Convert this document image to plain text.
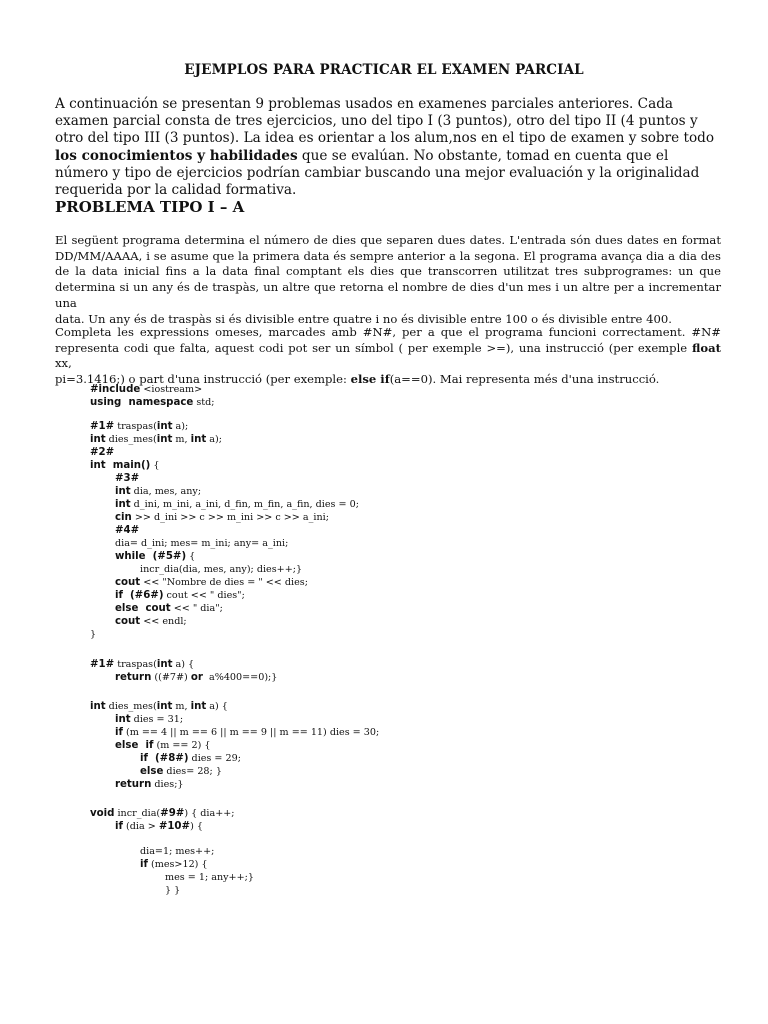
EJEMPLOS PARA PRACTICAR EL EXAMEN PARCIAL
A continuación se presentan 9 problemas usados en examenes parciales anteriores. Cada examen parcial consta de tres ejercicios, uno del tipo I (3 puntos), otro del tipo II (4 puntos y otro del tipo III (3 puntos). La idea es orientar a los alum,nos en el tipo de examen y sobre todo los conocimientos y habilidades que se evalúan. No obstante, tomad en cuenta que el número y tipo de ejercicios podrían cambiar buscando una mejor evaluación y la originalidad requerida por la calidad formativa.
PROBLEMA TIPO I – A
El següent programa determina el número de dies que separen dues dates. L'entrada són dues dates en format
DD/MM/AAAA, i se asume que la primera data és sempre anterior a la segona. El programa avança dia a dia des
de la data inicial fins a la data final comptant els dies que transcorren utilitzat tres subprogrames: un que
determina si un any és de traspàs, un altre que retorna el nombre de dies d'un mes i un altre per a incrementar una
data. Un any és de traspàs si és divisible entre quatre i no és divisible entre 100 o és divisible entre 400.
Completa les expressions omeses, marcades amb #N#, per a que el programa funcioni correctament. #N#
representa codi que falta, aquest codi pot ser un símbol ( per exemple >=), una instrucció (per exemple float xx,
pi=3.1416;) o part d'una instrucció (per exemple: else if(a==0). Mai representa més d'una instrucció.
#include <iostream>
using  namespace std;
#1# traspas(int a);
int dies_mes(int m, int a);
#2#
int  main() {
#3#
int dia, mes, any;
int d_ini, m_ini, a_ini, d_fin, m_fin, a_fin, dies = 0;
cin >> d_ini >> c >> m_ini >> c >> a_ini;
#4#
dia= d_ini; mes= m_ini; any= a_ini;
while  (#5#) {
incr_dia(dia, mes, any); dies++;}
cout << "Nombre de dies = " << dies;
if  (#6#) cout << " dies";
else  cout << " dia";
cout << endl;
}
#1# traspas(int a) {
return ((#7#) or  a%400==0);}
int dies_mes(int m, int a) {
int dies = 31;
if (m == 4 || m == 6 || m == 9 || m == 11) dies = 30;
else  if (m == 2) {
if  (#8#) dies = 29;
else dies= 28; }
return dies;}
void incr_dia(#9#) { dia++;
if (dia > #10#) {
dia=1; mes++;
if (mes>12) {
mes = 1; any++;}
} }
